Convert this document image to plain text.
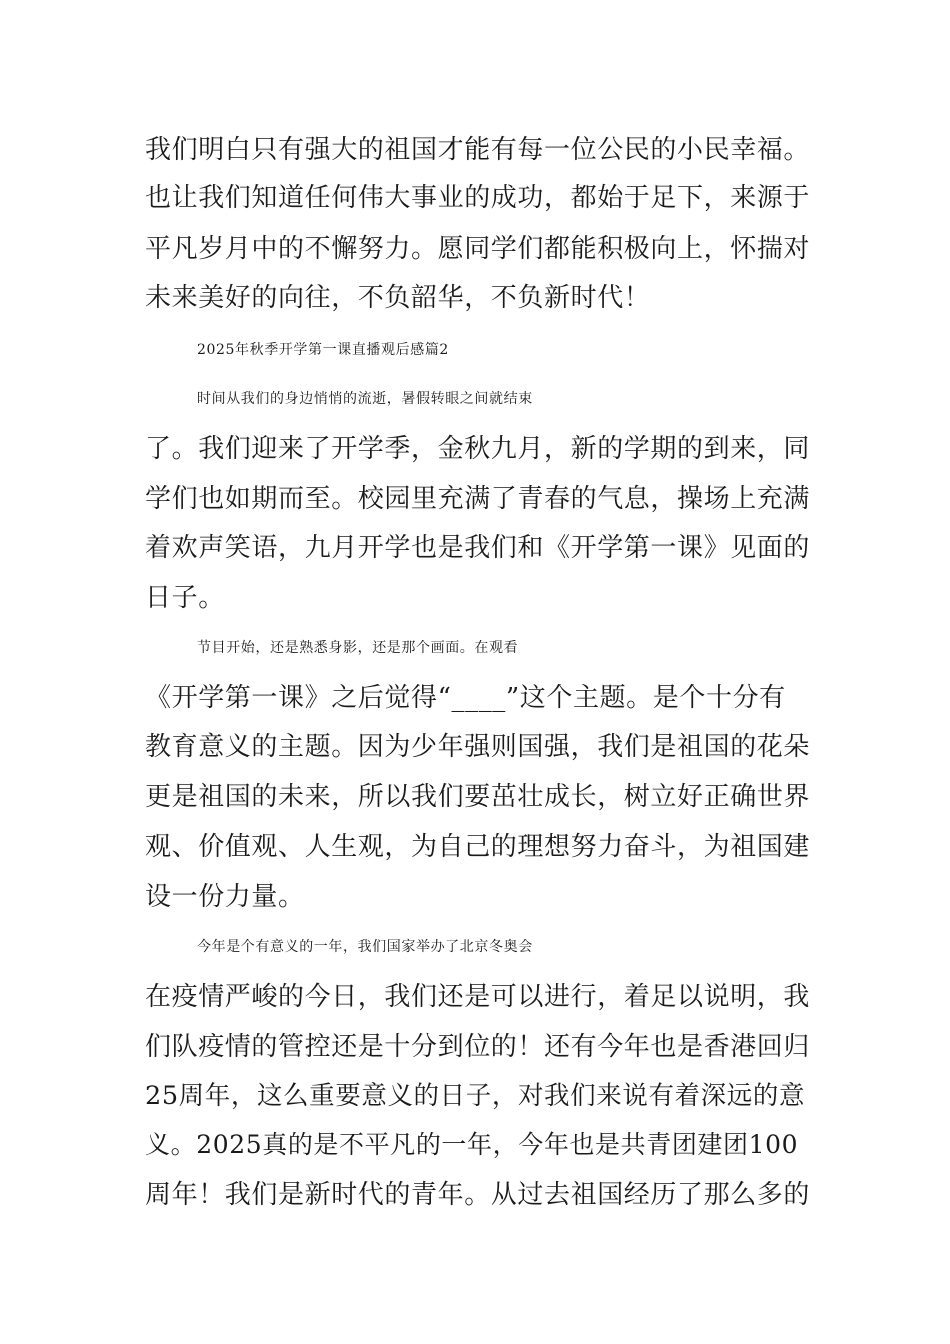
我们明白只有强大的祖国才能有每一位公民的小民幸福。
也让我们知道任何伟大事业的成功，都始于足下，来源于
平凡岁月中的不懈努力。愿同学们都能积极向上，怀揣对
未来美好的向往，不负韶华，不负新时代！
2025年秋季开学第一课直播观后感篇2
时间从我们的身边悄悄的流逝，暑假转眼之间就结束
了。我们迎来了开学季，金秋九月，新的学期的到来，同
学们也如期而至。校园里充满了青春的气息，操场上充满
着欢声笑语，九月开学也是我们和《开学第一课》见面的
日子。
节目开始，还是熟悉身影，还是那个画面。在观看
《开学第一课》之后觉得“____”这个主题。是个十分有
教育意义的主题。因为少年强则国强，我们是祖国的花朵
更是祖国的未来，所以我们要茁壮成长，树立好正确世界
观、价值观、人生观，为自己的理想努力奋斗，为祖国建
设一份力量。
今年是个有意义的一年，我们国家举办了北京冬奥会
在疫情严峻的今日，我们还是可以进行，着足以说明，我
们队疫情的管控还是十分到位的！还有今年也是香港回归
25周年，这么重要意义的日子，对我们来说有着深远的意
义。2025真的是不平凡的一年，今年也是共青团建团100
周年！我们是新时代的青年。从过去祖国经历了那么多的
